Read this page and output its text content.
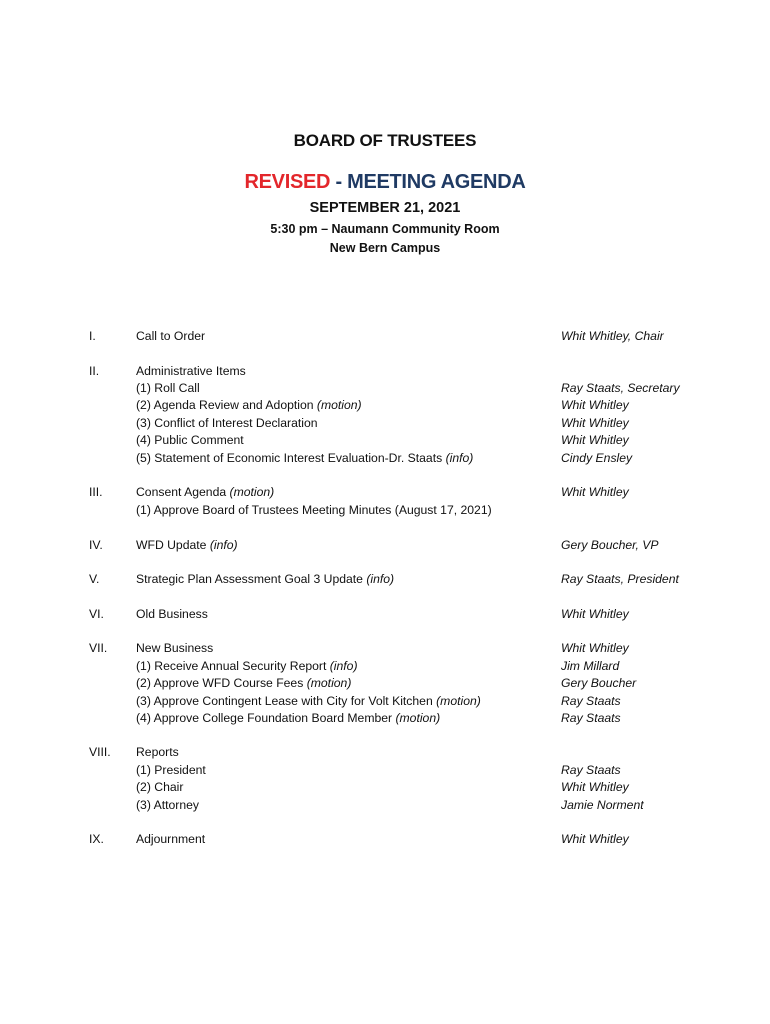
BOARD OF TRUSTEES
REVISED - MEETING AGENDA
SEPTEMBER 21, 2021
5:30 pm – Naumann Community Room
New Bern Campus
I.	Call to Order	Whit Whitley, Chair
II.	Administrative Items
(1) Roll Call	Ray Staats, Secretary
(2) Agenda Review and Adoption (motion)	Whit Whitley
(3) Conflict of Interest Declaration	Whit Whitley
(4) Public Comment	Whit Whitley
(5) Statement of Economic Interest Evaluation-Dr. Staats (info)	Cindy Ensley
III.	Consent Agenda (motion)	Whit Whitley
(1) Approve Board of Trustees Meeting Minutes (August 17, 2021)
IV.	WFD Update (info)	Gery Boucher, VP
V.	Strategic Plan Assessment Goal 3 Update (info)	Ray Staats, President
VI.	Old Business	Whit Whitley
VII. New Business	Whit Whitley
(1) Receive Annual Security Report (info)	Jim Millard
(2) Approve WFD Course Fees (motion)	Gery Boucher
(3) Approve Contingent Lease with City for Volt Kitchen (motion)	Ray Staats
(4) Approve College Foundation Board Member (motion)	Ray Staats
VIII. Reports
(1) President	Ray Staats
(2) Chair	Whit Whitley
(3) Attorney	Jamie Norment
IX.	Adjournment	Whit Whitley
